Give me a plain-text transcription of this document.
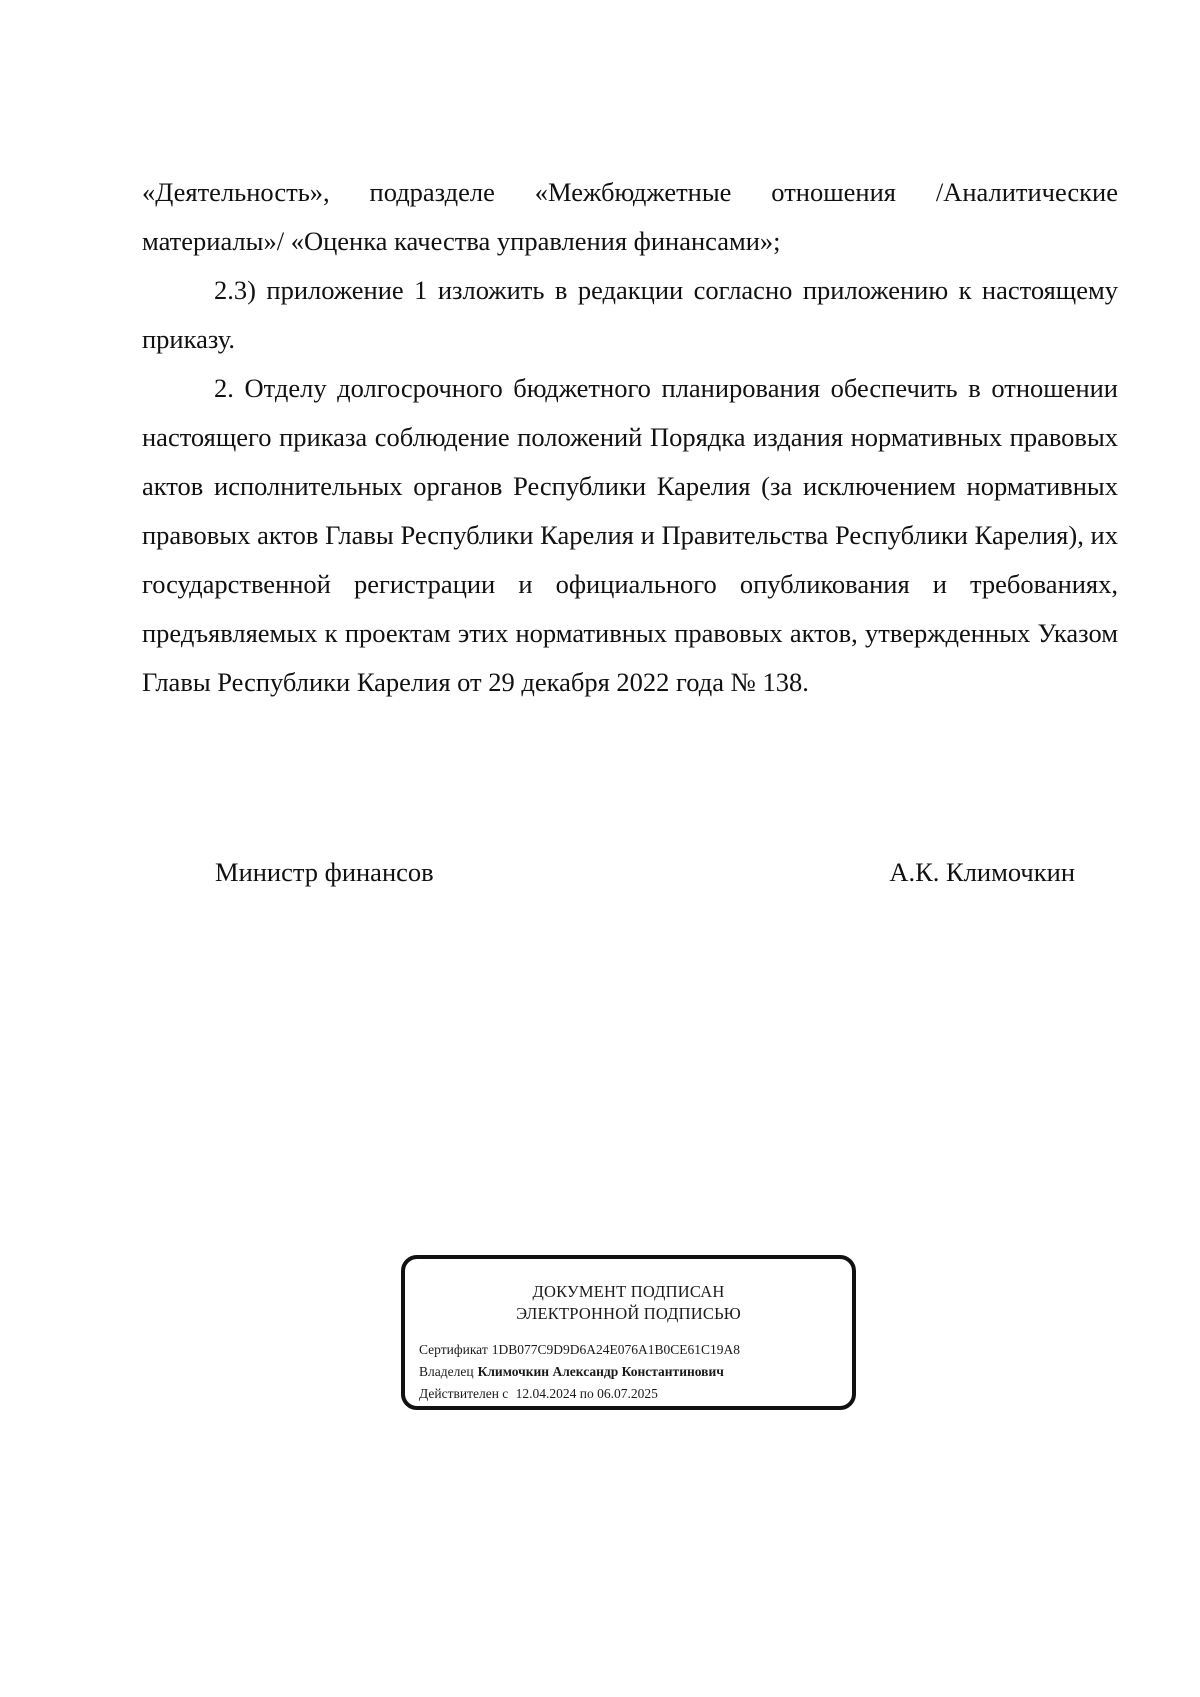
«Деятельность», подразделе «Межбюджетные отношения /Аналитические материалы»/ «Оценка качества управления финансами»;

2.3) приложение 1 изложить в редакции согласно приложению к настоящему приказу.

2. Отделу долгосрочного бюджетного планирования обеспечить в отношении настоящего приказа соблюдение положений Порядка издания нормативных правовых актов исполнительных органов Республики Карелия (за исключением нормативных правовых актов Главы Республики Карелия и Правительства Республики Карелия), их государственной регистрации и официального опубликования и требованиях, предъявляемых к проектам этих нормативных правовых актов, утвержденных Указом Главы Республики Карелия от 29 декабря 2022 года № 138.

Министр финансов	А.К. Климочкин
ДОКУМЕНТ ПОДПИСАН
ЭЛЕКТРОННОЙ ПОДПИСЬЮ
Сертификат 1DB077C9D9D6A24E076A1B0CE61C19A8
Владелец Климочкин Александр Константинович
Действителен с 12.04.2024 по 06.07.2025
